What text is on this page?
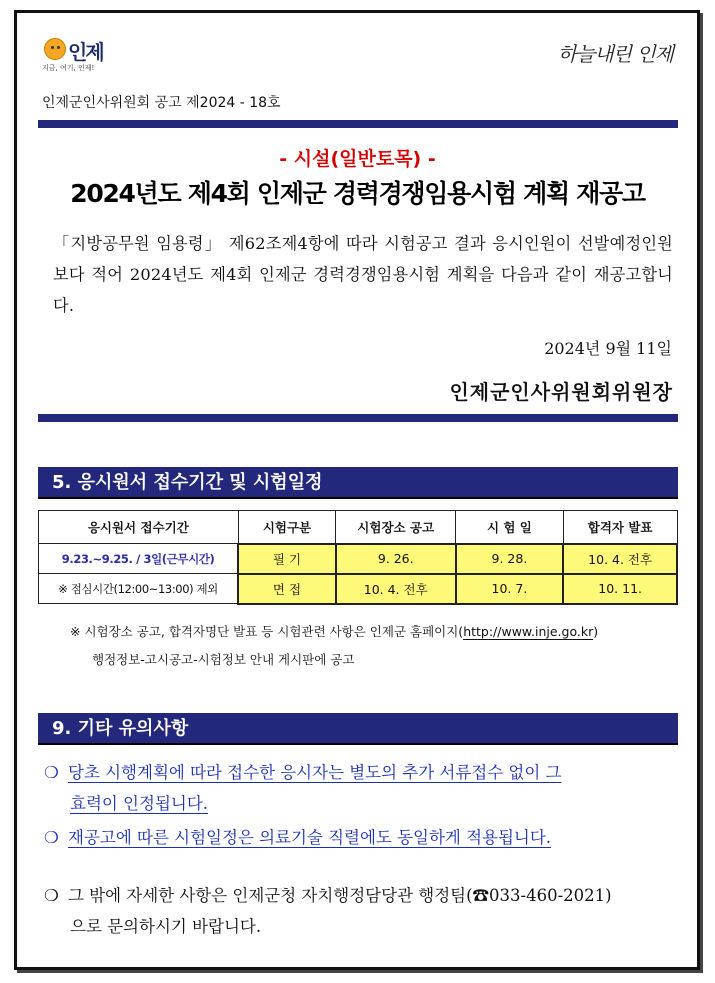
인제
지금, 여기, 인제!
하늘내린 인제
인제군인사위원회 공고 제2024 - 18호
- 시설(일반토목) -
2024년도 제4회 인제군 경력경쟁임용시험 계획 재공고

「지방공무원 임용령」 제62조제4항에 따라 시험공고 결과 응시인원이 선발예정인원보다 적어 2024년도 제4회 인제군 경력경쟁임용시험 계획을 다음과 같이 재공고합니다.

2024년 9월 11일
인제군인사위원회위원장
5. 응시원서 접수기간 및 시험일정
응시원서 접수기간	시험구분	시험장소 공고	시 험 일	합격자 발표
9.23.~9.25. / 3일(근무시간)	필 기	9. 26.	9. 28.	10. 4. 전후
※ 점심시간(12:00~13:00) 제외	면 접	10. 4. 전후	10. 7.	10. 11.
※ 시험장소 공고, 합격자명단 발표 등 시험관련 사항은 인제군 홈페이지(http://www.inje.go.kr)
행정정보-고시공고-시험정보 안내 게시판에 공고
9. 기타 유의사항
❍ 당초 시행계획에 따라 접수한 응시자는 별도의 추가 서류접수 없이 그
효력이 인정됩니다.
❍ 재공고에 따른 시험일정은 의료기술 직렬에도 동일하게 적용됩니다.
❍ 그 밖에 자세한 사항은 인제군청 자치행정담당관 행정팀(☎033-460-2021)
으로 문의하시기 바랍니다.
